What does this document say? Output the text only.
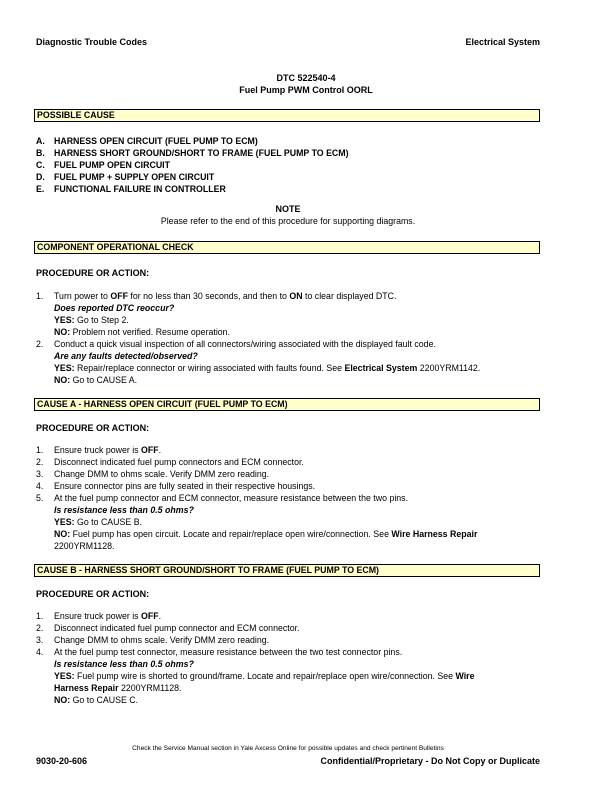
Diagnostic Trouble Codes	Electrical System
DTC 522540-4
Fuel Pump PWM Control OORL
POSSIBLE CAUSE
A. HARNESS OPEN CIRCUIT (FUEL PUMP TO ECM)
B. HARNESS SHORT GROUND/SHORT TO FRAME (FUEL PUMP TO ECM)
C. FUEL PUMP OPEN CIRCUIT
D. FUEL PUMP + SUPPLY OPEN CIRCUIT
E. FUNCTIONAL FAILURE IN CONTROLLER
NOTE
Please refer to the end of this procedure for supporting diagrams.
COMPONENT OPERATIONAL CHECK
PROCEDURE OR ACTION:
1. Turn power to OFF for no less than 30 seconds, and then to ON to clear displayed DTC.
Does reported DTC reoccur?
YES: Go to Step 2.
NO: Problem not verified. Resume operation.
2. Conduct a quick visual inspection of all connectors/wiring associated with the displayed fault code.
Are any faults detected/observed?
YES: Repair/replace connector or wiring associated with faults found. See Electrical System 2200YRM1142.
NO: Go to CAUSE A.
CAUSE A - HARNESS OPEN CIRCUIT (FUEL PUMP TO ECM)
PROCEDURE OR ACTION:
1. Ensure truck power is OFF.
2. Disconnect indicated fuel pump connectors and ECM connector.
3. Change DMM to ohms scale. Verify DMM zero reading.
4. Ensure connector pins are fully seated in their respective housings.
5. At the fuel pump connector and ECM connector, measure resistance between the two pins.
Is resistance less than 0.5 ohms?
YES: Go to CAUSE B.
NO: Fuel pump has open circuit. Locate and repair/replace open wire/connection. See Wire Harness Repair
2200YRM1128.
CAUSE B - HARNESS SHORT GROUND/SHORT TO FRAME (FUEL PUMP TO ECM)
PROCEDURE OR ACTION:
1. Ensure truck power is OFF.
2. Disconnect indicated fuel pump connector and ECM connector.
3. Change DMM to ohms scale. Verify DMM zero reading.
4. At the fuel pump test connector, measure resistance between the two test connector pins.
Is resistance less than 0.5 ohms?
YES: Fuel pump wire is shorted to ground/frame. Locate and repair/replace open wire/connection. See Wire
Harness Repair 2200YRM1128.
NO: Go to CAUSE C.
Check the Service Manual section in Yale Axcess Online for possible updates and check pertinent Bulletins
9030-20-606	Confidential/Proprietary - Do Not Copy or Duplicate
